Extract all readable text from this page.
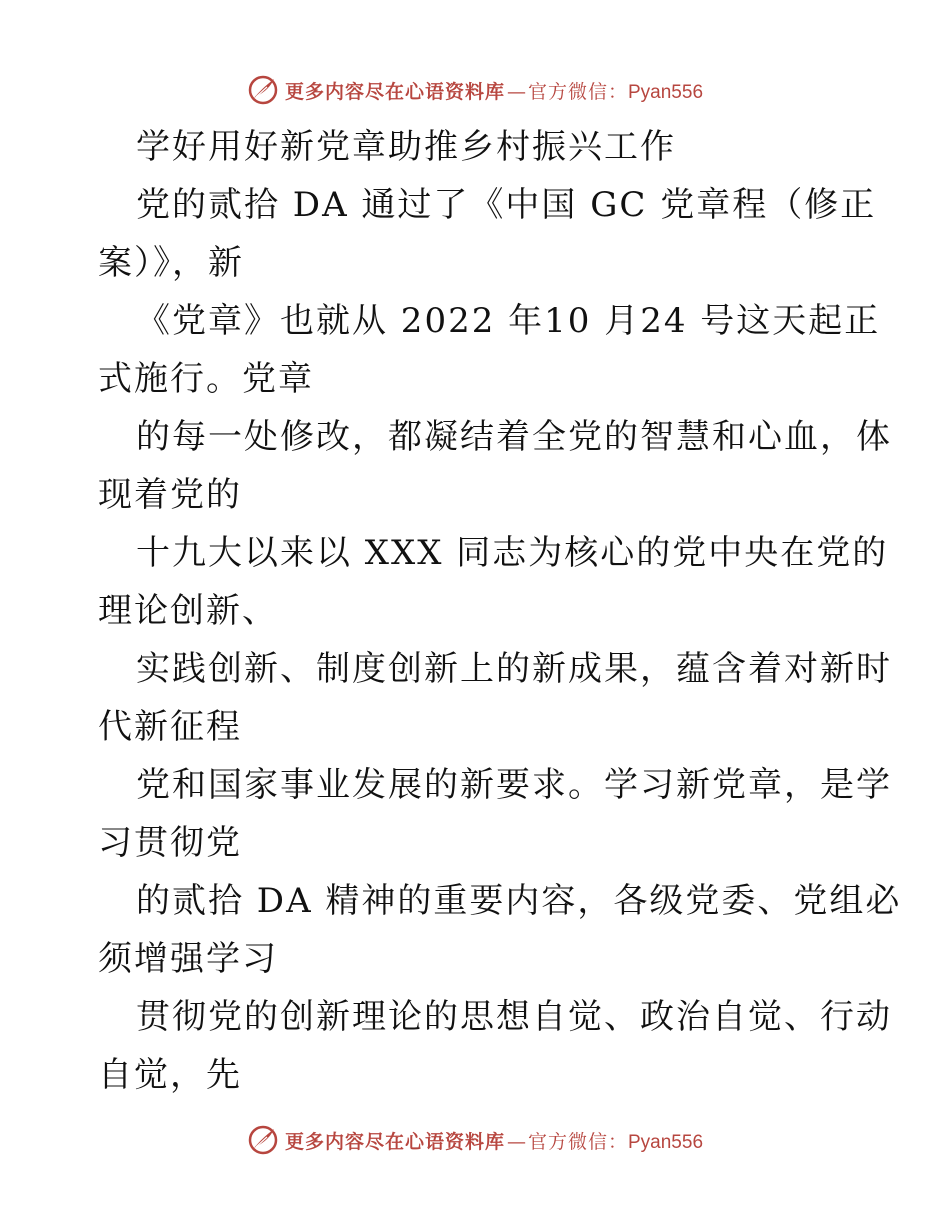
更多内容尽在心语资料库 — 官方微信： Pyan556
学好用好新党章助推乡村振兴工作
党的贰拾 DA 通过了《中国 GC 党章程（修正
案）》，新
《党章》也就从 2022 年10 月24 号这天起正
式施行。党章
的每一处修改，都凝结着全党的智慧和心血，体
现着党的
十九大以来以 XXX 同志为核心的党中央在党的
理论创新、
实践创新、制度创新上的新成果，蕴含着对新时
代新征程
党和国家事业发展的新要求。学习新党章，是学
习贯彻党
的贰拾 DA 精神的重要内容，各级党委、党组必
须增强学习
贯彻党的创新理论的思想自觉、政治自觉、行动
自觉，先
更多内容尽在心语资料库 — 官方微信： Pyan556
